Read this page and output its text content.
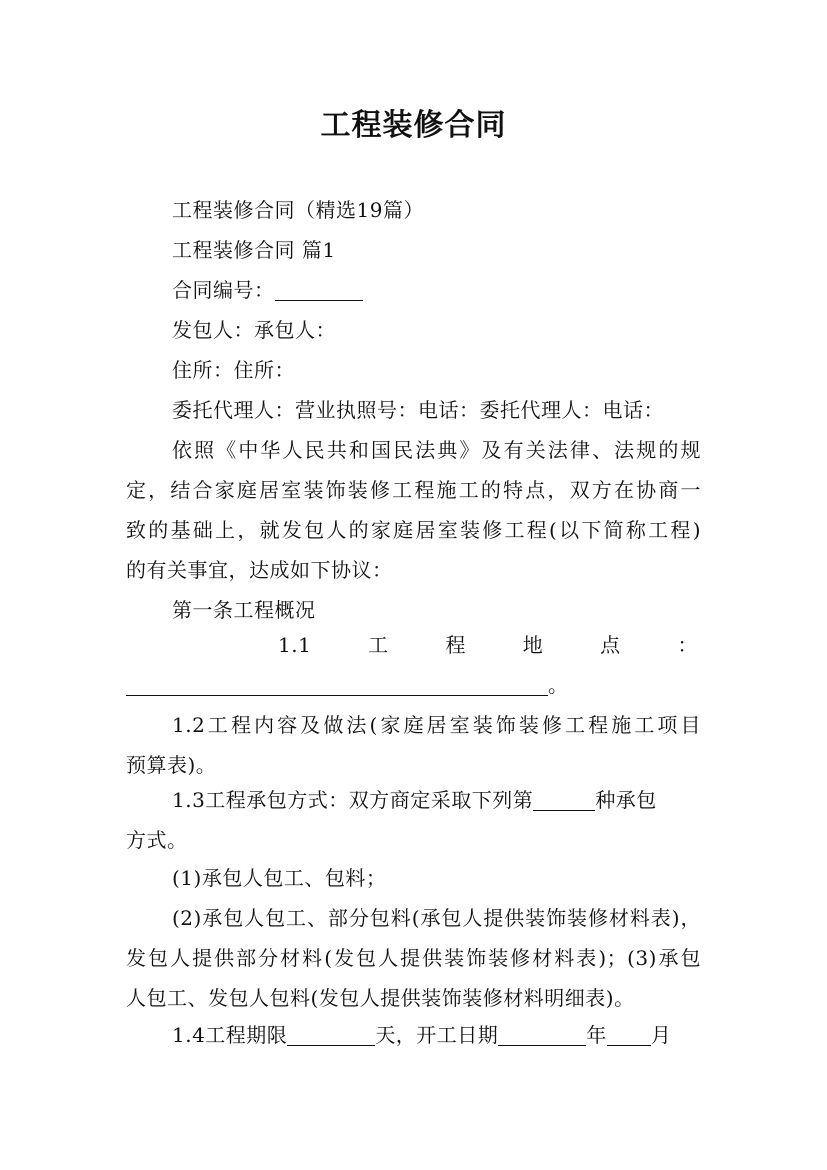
工程装修合同
工程装修合同（精选19篇）
工程装修合同 篇1
合同编号：
发包人：承包人：
住所：住所：
委托代理人：营业执照号：电话：委托代理人：电话：
依照《中华人民共和国民法典》及有关法律、法规的规
定，结合家庭居室装饰装修工程施工的特点，双方在协商一
致的基础上，就发包人的家庭居室装修工程(以下简称工程)
的有关事宜，达成如下协议：
第一条工程概况
1.1	工	程	地	点	：
。
1.2工程内容及做法(家庭居室装饰装修工程施工项目
预算表)。
1.3工程承包方式：双方商定采取下列第	种承包
方式。
(1)承包人包工、包料；
(2)承包人包工、部分包料(承包人提供装饰装修材料表)，
发包人提供部分材料(发包人提供装饰装修材料表)；(3)承包
人包工、发包人包料(发包人提供装饰装修材料明细表)。
1.4工程期限	天，开工日期	年 月
